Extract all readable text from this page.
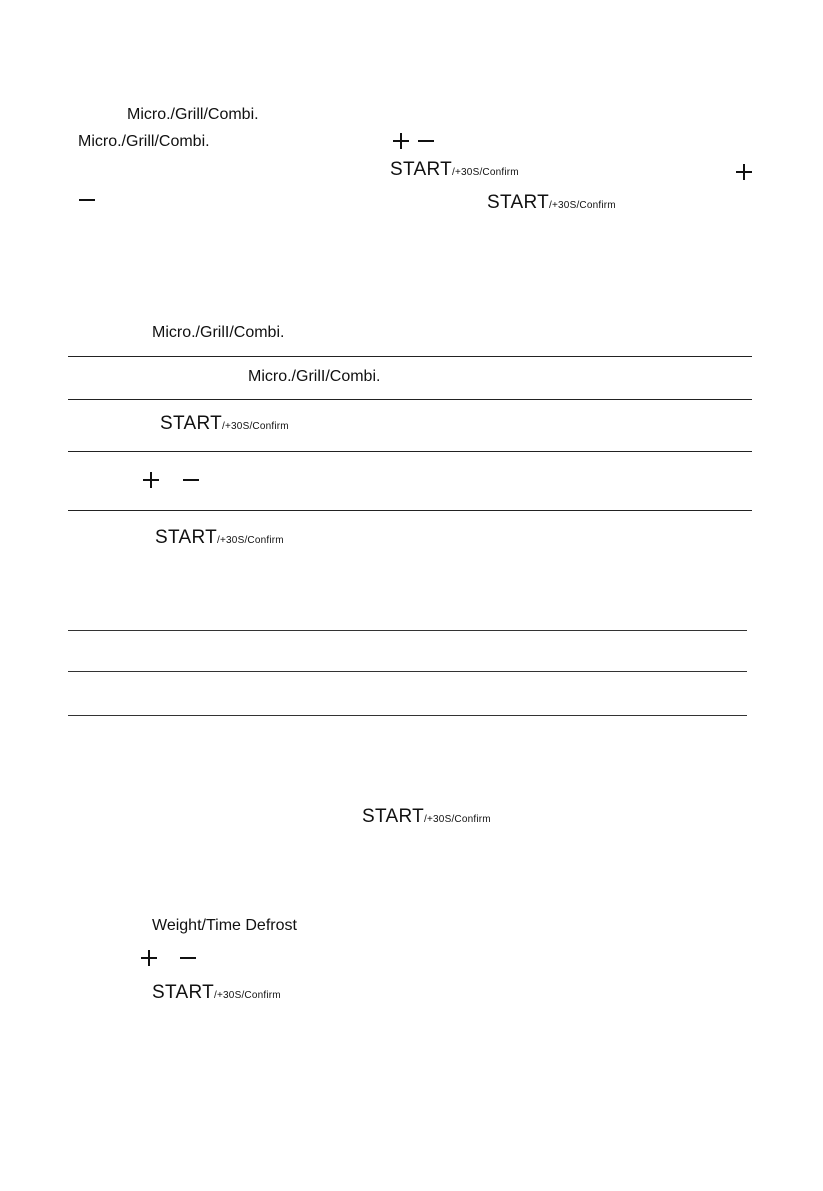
Micro./Grill/Combi.
Micro./Grill/Combi.
START/+30S/Confirm
START/+30S/Confirm
Micro./GrilI/Combi.
Micro./GrilI/Combi.
START/+30S/Confirm
START/+30S/Confirm
START/+30S/Confirm
Weight/Time Defrost
START/+30S/Confirm
